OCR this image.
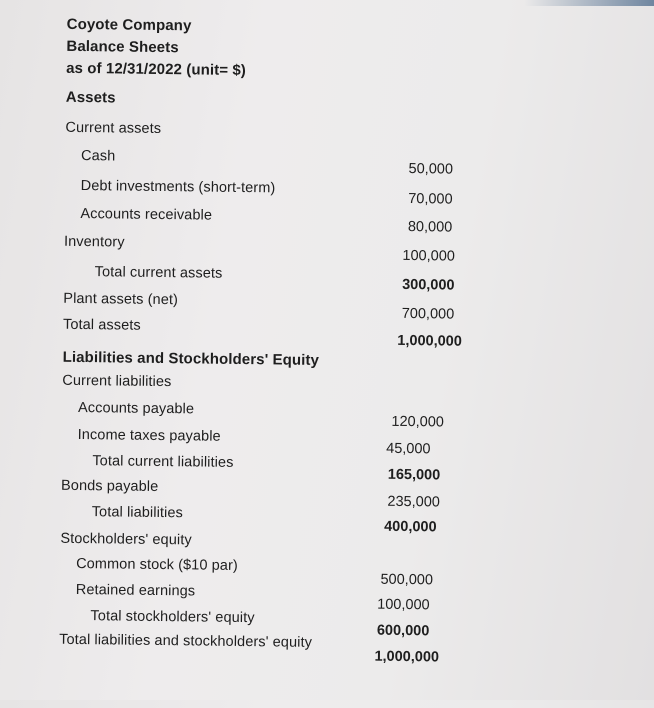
Coyote Company
Balance Sheets
as of 12/31/2022 (unit= $)
Assets
Current assets
Cash
50,000
Debt investments (short-term)
70,000
Accounts receivable
80,000
Inventory
100,000
Total current assets
300,000
Plant assets (net)
700,000
Total assets
1,000,000
Liabilities and Stockholders' Equity
Current liabilities
Accounts payable
120,000
Income taxes payable
45,000
Total current liabilities
165,000
Bonds payable
235,000
Total liabilities
400,000
Stockholders' equity
Common stock ($10 par)
500,000
Retained earnings
100,000
Total stockholders' equity
600,000
Total liabilities and stockholders' equity
1,000,000
